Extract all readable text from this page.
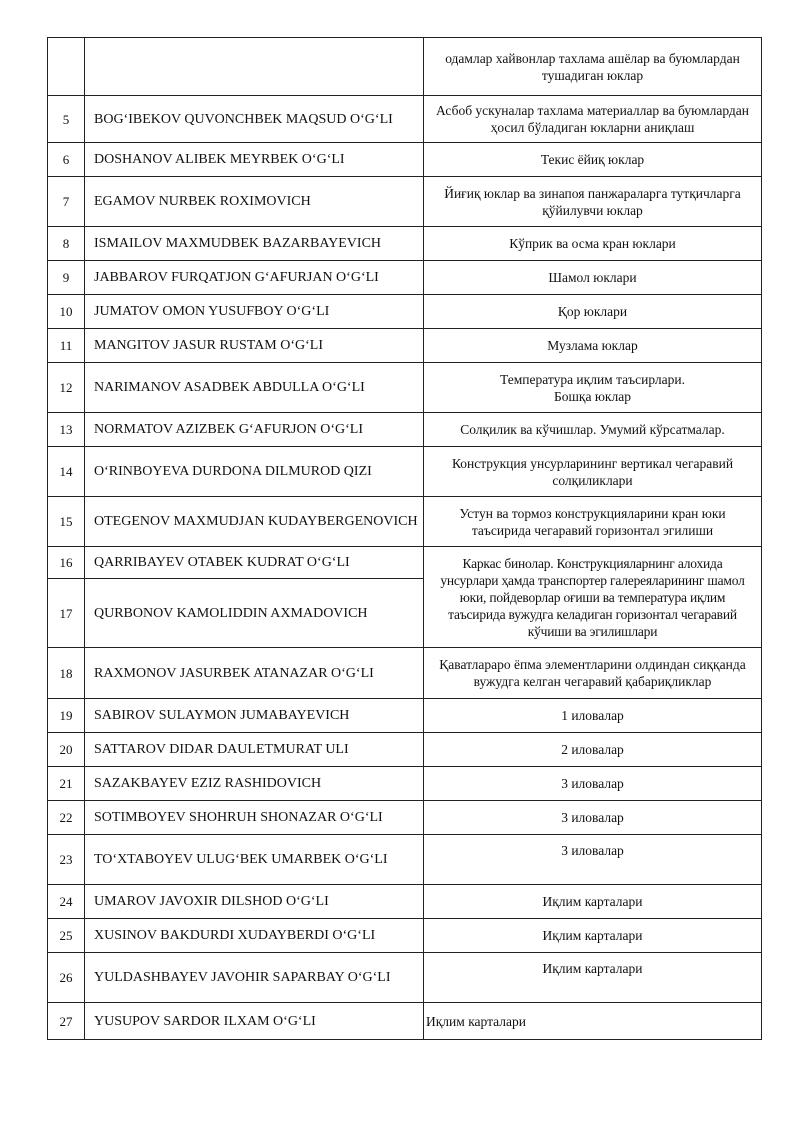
		одамлар хайвонлар тахлама ашёлар ва буюмлардан
тушадиган юклар

5	BOG‘IBEKOV QUVONCHBEK MAQSUD O‘G‘LI	Асбоб ускуналар тахлама материаллар ва буюмлардан
ҳосил бўладиган юкларни аниқлаш

6	DOSHANOV ALIBEK MEYRBEK O‘G‘LI	Текис ёйиқ юклар

7	EGAMOV NURBEK ROXIMOVICH	Йиғиқ юклар ва зинапоя панжараларга тутқичларга
қўйилувчи юклар

8	ISMAILOV MAXMUDBEK BAZARBAYEVICH	Кўприк ва осма кран юклари

9	JABBAROV FURQATJON G‘AFURJAN O‘G‘LI	Шамол юклари

10	JUMATOV OMON YUSUFBOY O‘G‘LI	Қор юклари

11	MANGITOV JASUR RUSTAM O‘G‘LI	Музлама юклар

12	NARIMANOV ASADBEK ABDULLA O‘G‘LI	Температура иқлим таъсирлари.
Бошқа юклар

13	NORMATOV AZIZBEK G‘AFURJON O‘G‘LI	Солқилик ва кўчишлар. Умумий кўрсатмалар.

14	O‘RINBOYEVA DURDONA DILMUROD QIZI	Конструкция унсурларининг вертикал чегаравий
солқиликлари

15	OTEGENOV MAXMUDJAN KUDAYBERGENOVICH	Устун ва тормоз конструкцияларини кран юки
таъсирида чегаравий горизонтал эгилиши

16	QARRIBAYEV OTABEK KUDRAT O‘G‘LI	Каркас бинолар. Конструкцияларнинг алохида
унсурлари ҳамда транспортер галереяларининг шамол
юки, пойдеворлар оғиши ва температура иқлим
таъсирида вужудга келадиган горизонтал чегаравий
кўчиши ва эгилишлари

17	QURBONOV KAMOLIDDIN AXMADOVICH	
18	RAXMONOV JASURBEK ATANAZAR O‘G‘LI	Қаватлараро ёпма элементларини олдиндан сиққанда
вужудга келган чегаравий қабариқликлар

19	SABIROV SULAYMON JUMABAYEVICH	1 иловалар

20	SATTAROV DIDAR DAULETMURAT ULI	2 иловалар

21	SAZAKBAYEV EZIZ RASHIDOVICH	3 иловалар

22	SOTIMBOYEV SHOHRUH SHONAZAR O‘G‘LI	3 иловалар

23	TO‘XTABOYEV ULUG‘BEK UMARBEK O‘G‘LI	3 иловалар

24	UMAROV JAVOXIR DILSHOD O‘G‘LI	Иқлим карталари

25	XUSINOV BAKDURDI XUDAYBERDI O‘G‘LI	Иқлим карталари

26	YULDASHBAYEV JAVOHIR SAPARBAY O‘G‘LI	Иқлим карталари

27	YUSUPOV SARDOR ILXAM O‘G‘LI	Иқлим карталари
